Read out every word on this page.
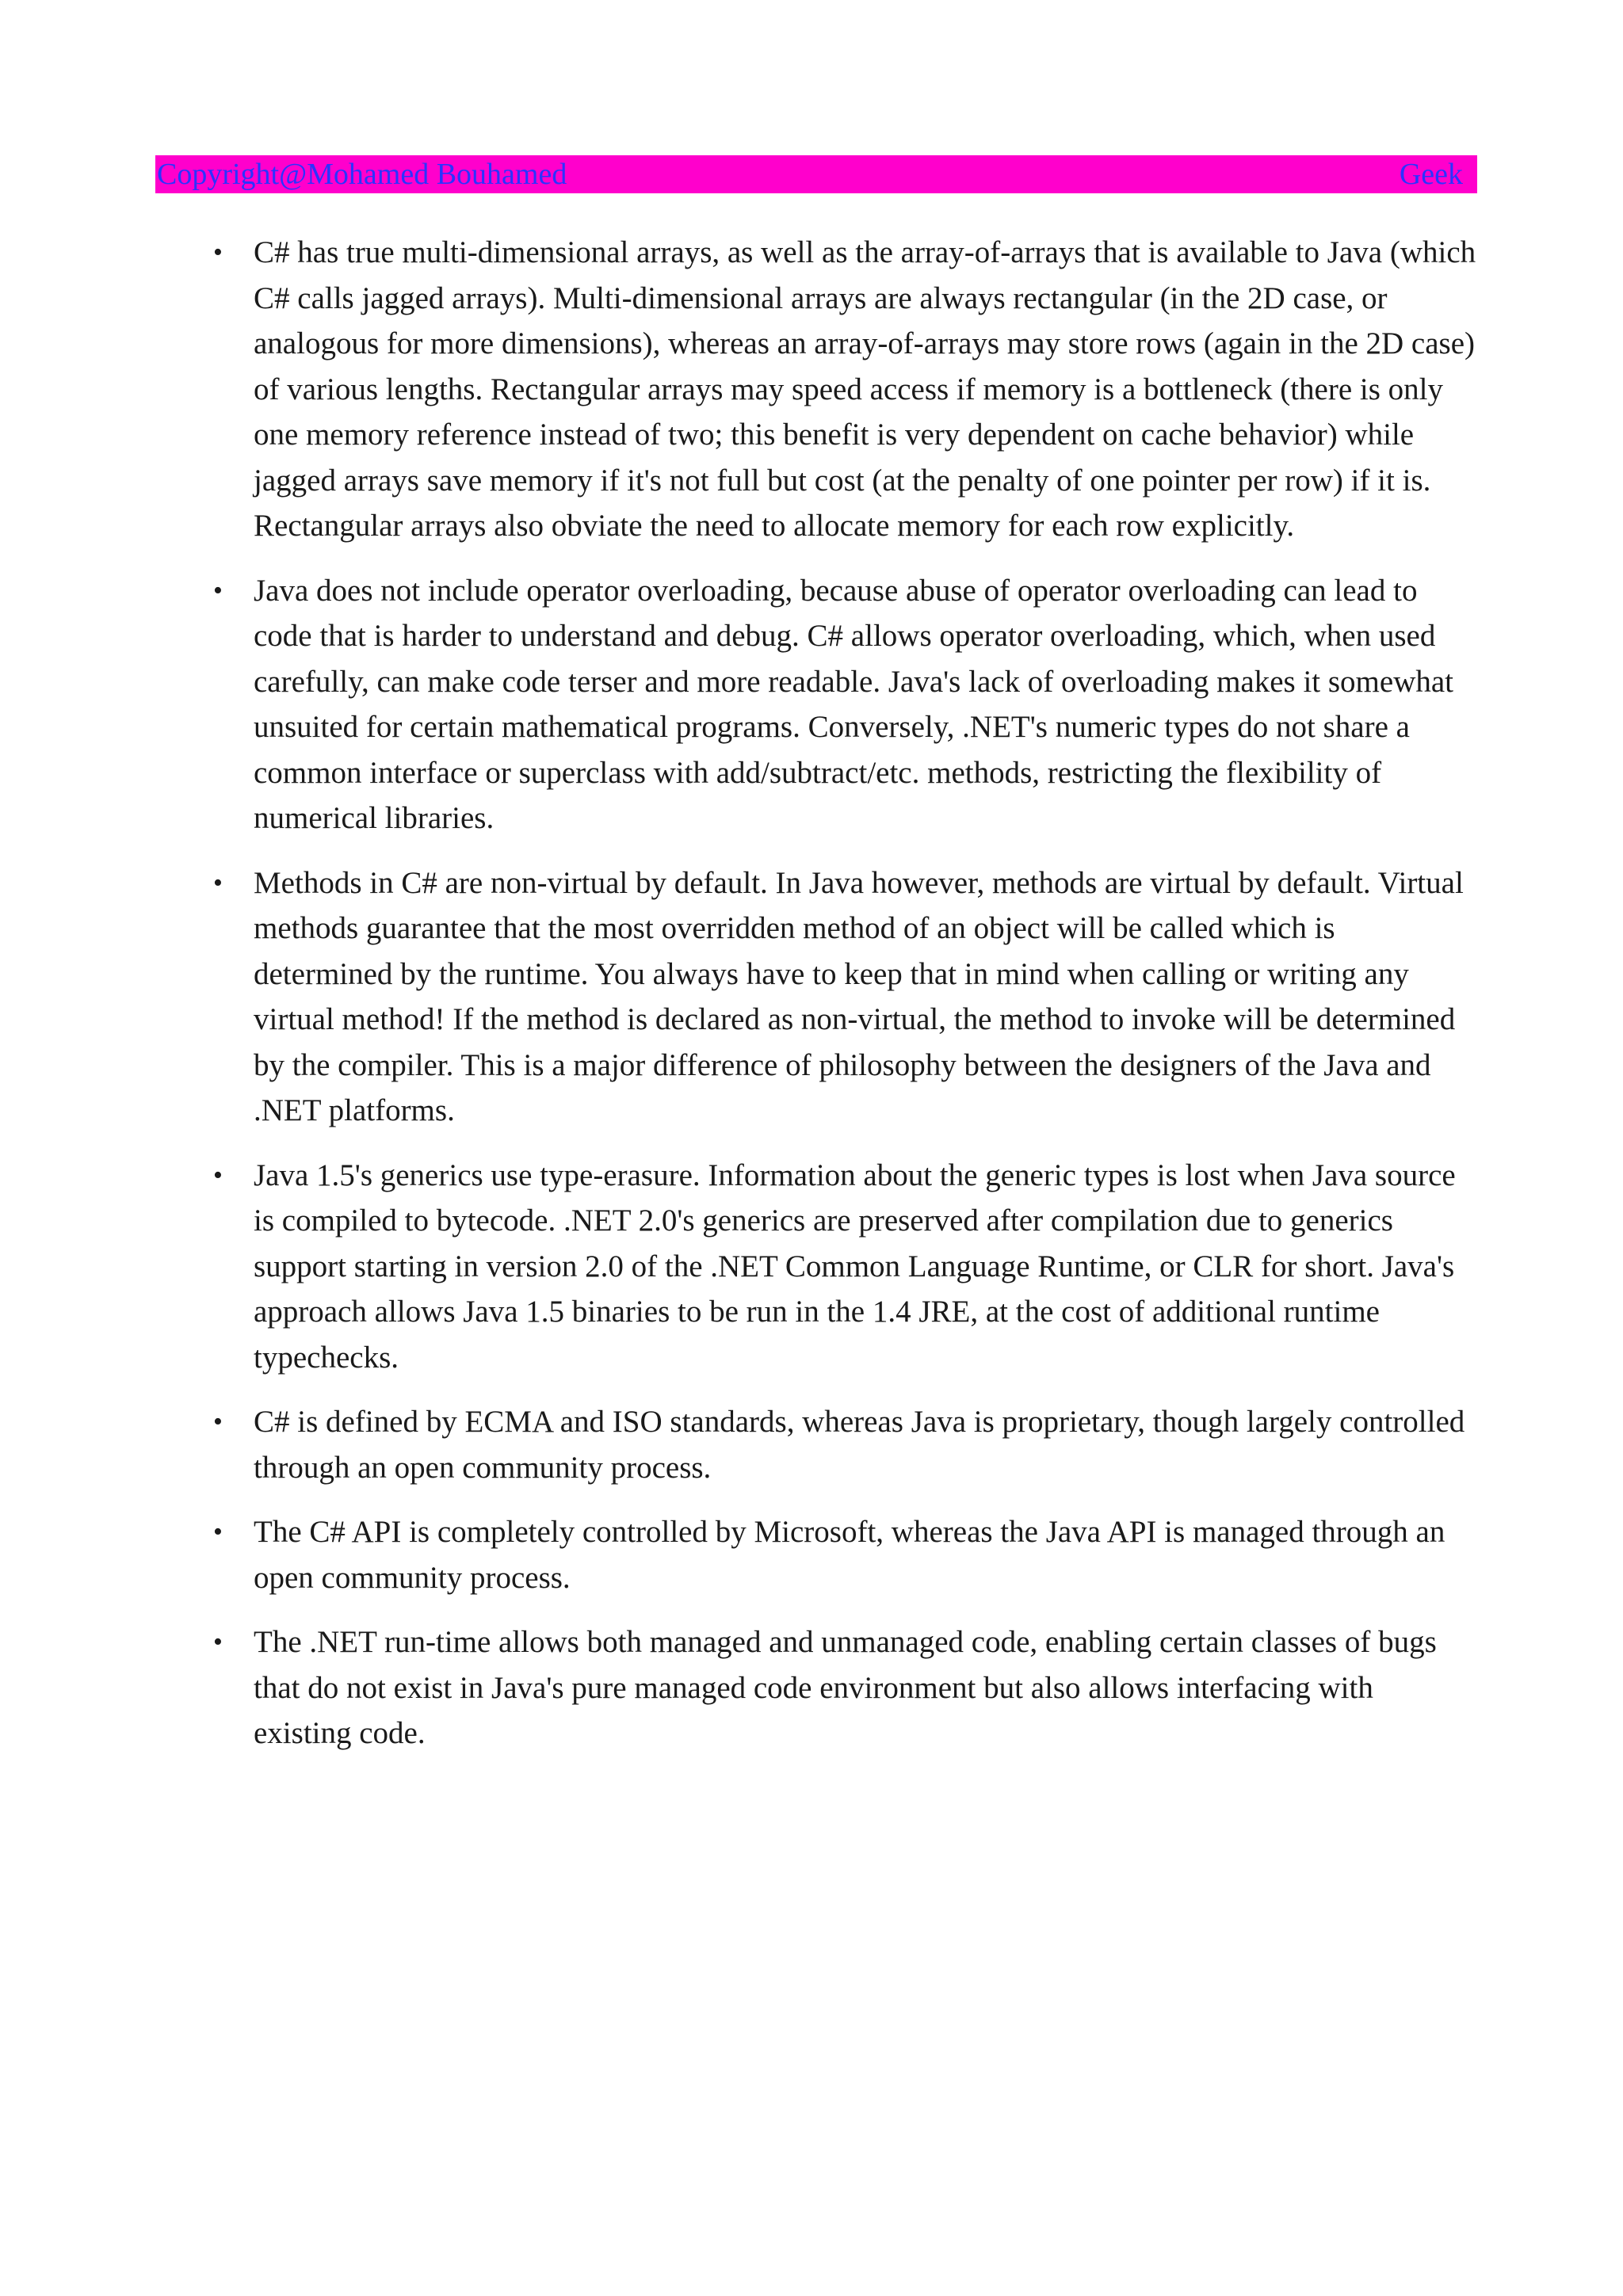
Copyright@Mohamed Bouhamed	Geek
• C# has true multi-dimensional arrays, as well as the array-of-arrays that is available to Java (which C# calls jagged arrays). Multi-dimensional arrays are always rectangular (in the 2D case, or analogous for more dimensions), whereas an array-of-arrays may store rows (again in the 2D case) of various lengths. Rectangular arrays may speed access if memory is a bottleneck (there is only one memory reference instead of two; this benefit is very dependent on cache behavior) while jagged arrays save memory if it's not full but cost (at the penalty of one pointer per row) if it is. Rectangular arrays also obviate the need to allocate memory for each row explicitly.
• Java does not include operator overloading, because abuse of operator overloading can lead to code that is harder to understand and debug. C# allows operator overloading, which, when used carefully, can make code terser and more readable. Java's lack of overloading makes it somewhat unsuited for certain mathematical programs. Conversely, .NET's numeric types do not share a common interface or superclass with add/subtract/etc. methods, restricting the flexibility of numerical libraries.
• Methods in C# are non-virtual by default. In Java however, methods are virtual by default. Virtual methods guarantee that the most overridden method of an object will be called which is determined by the runtime. You always have to keep that in mind when calling or writing any virtual method! If the method is declared as non-virtual, the method to invoke will be determined by the compiler. This is a major difference of philosophy between the designers of the Java and .NET platforms.
• Java 1.5's generics use type-erasure. Information about the generic types is lost when Java source is compiled to bytecode. .NET 2.0's generics are preserved after compilation due to generics support starting in version 2.0 of the .NET Common Language Runtime, or CLR for short. Java's approach allows Java 1.5 binaries to be run in the 1.4 JRE, at the cost of additional runtime typechecks.
• C# is defined by ECMA and ISO standards, whereas Java is proprietary, though largely controlled through an open community process.
• The C# API is completely controlled by Microsoft, whereas the Java API is managed through an open community process.
• The .NET run-time allows both managed and unmanaged code, enabling certain classes of bugs that do not exist in Java's pure managed code environment but also allows interfacing with existing code.
